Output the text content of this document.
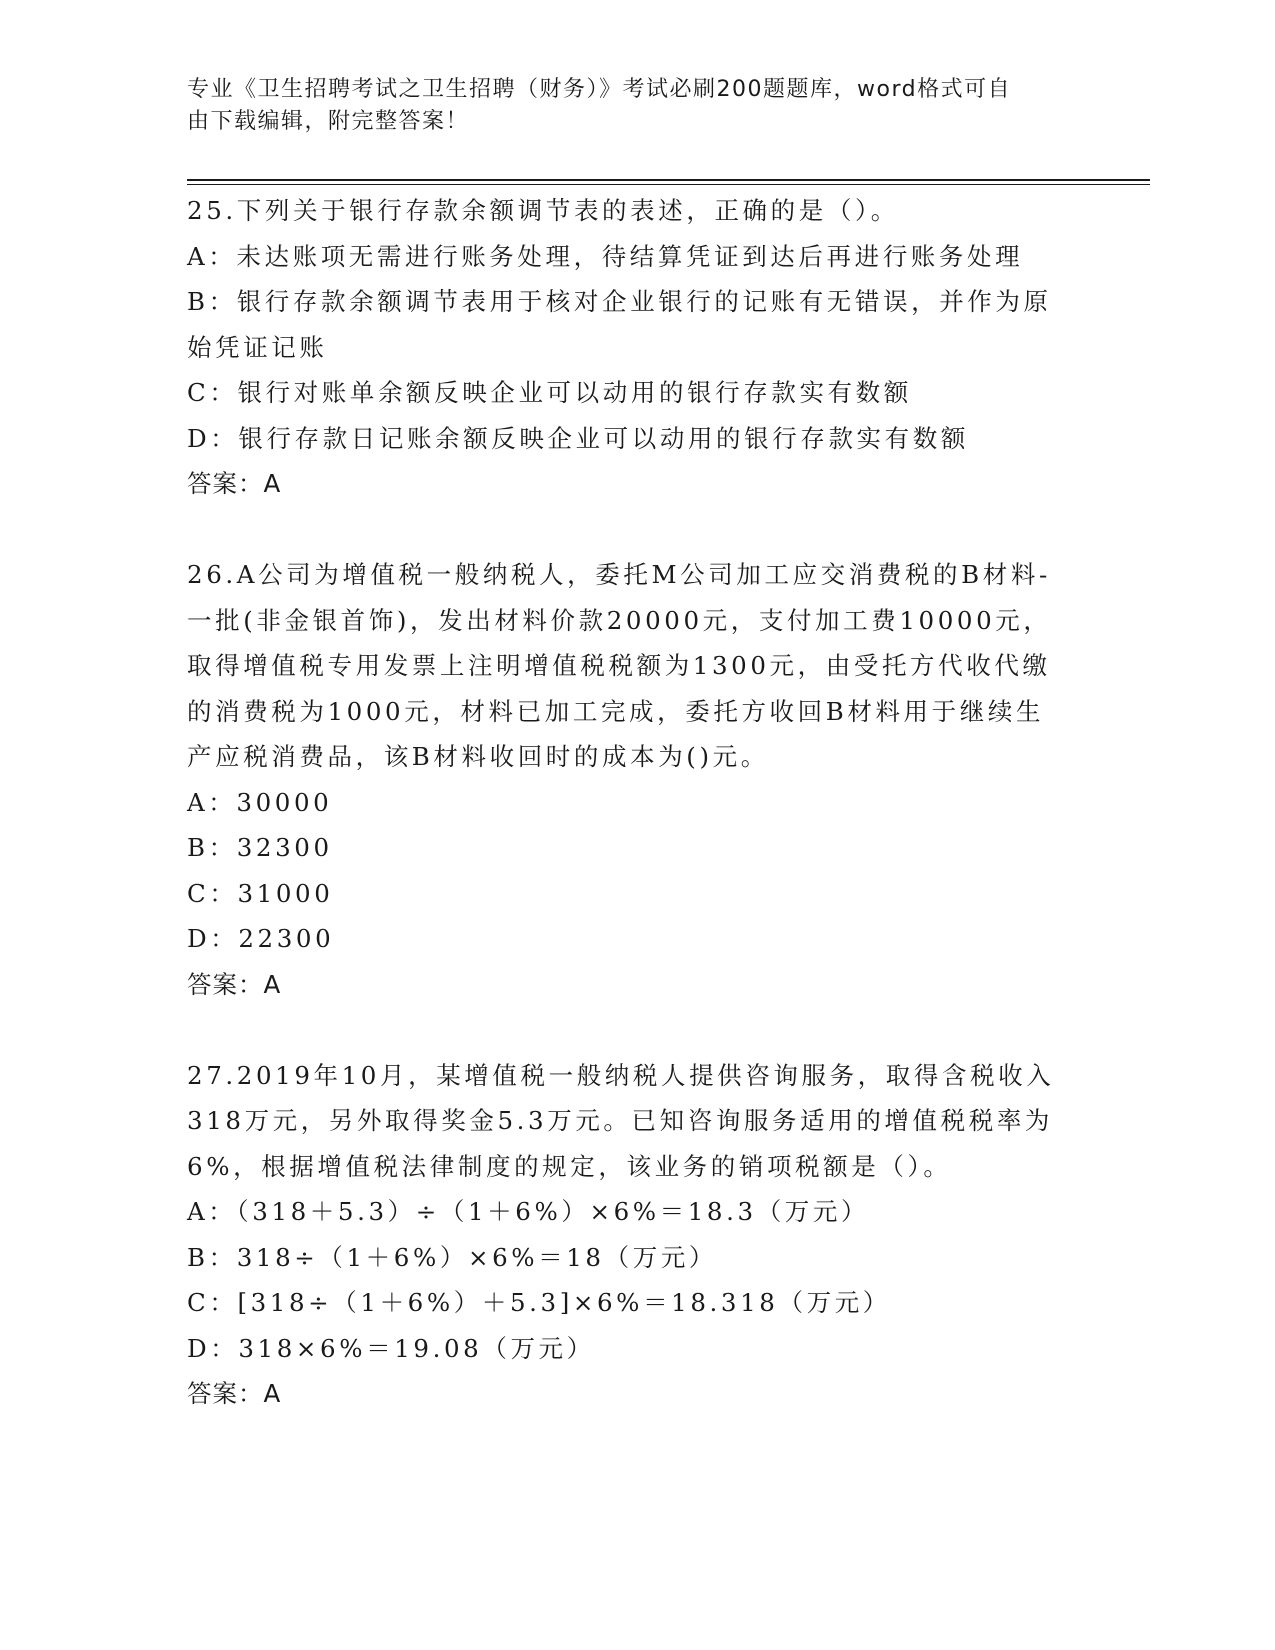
专业《卫生招聘考试之卫生招聘（财务）》考试必刷200题题库，word格式可自
由下载编辑，附完整答案！
25.下列关于银行存款余额调节表的表述，正确的是（）。
A：未达账项无需进行账务处理，待结算凭证到达后再进行账务处理
B：银行存款余额调节表用于核对企业银行的记账有无错误，并作为原
始凭证记账
C：银行对账单余额反映企业可以动用的银行存款实有数额
D：银行存款日记账余额反映企业可以动用的银行存款实有数额
答案：A
26.A公司为增值税一般纳税人，委托M公司加工应交消费税的B材料-
一批(非金银首饰)，发出材料价款20000元，支付加工费10000元，
取得增值税专用发票上注明增值税税额为1300元，由受托方代收代缴
的消费税为1000元，材料已加工完成，委托方收回B材料用于继续生
产应税消费品，该B材料收回时的成本为()元。
A：30000
B：32300
C：31000
D：22300
答案：A
27.2019年10月，某增值税一般纳税人提供咨询服务，取得含税收入
318万元，另外取得奖金5.3万元。已知咨询服务适用的增值税税率为
6%，根据增值税法律制度的规定，该业务的销项税额是（）。
A：（318＋5.3）÷（1＋6%）×6%＝18.3（万元）
B：318÷（1＋6%）×6%＝18（万元）
C：[318÷（1＋6%）＋5.3]×6%＝18.318（万元）
D：318×6%＝19.08（万元）
答案：A
